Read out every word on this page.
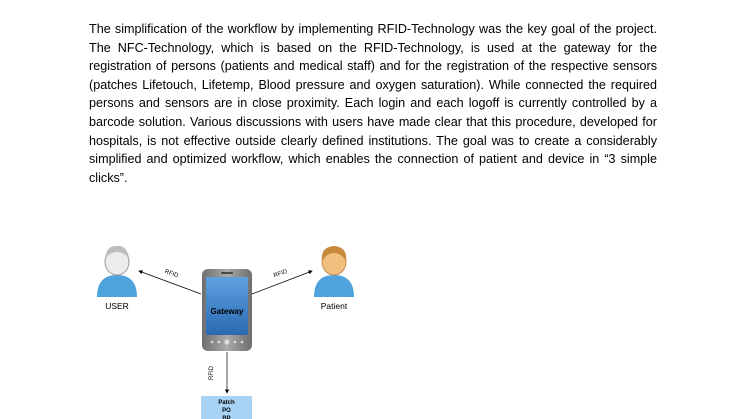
The simplification of the workflow by implementing RFID-Technology was the key goal of the project. The NFC-Technology, which is based on the RFID-Technology, is used at the gateway for the registration of persons (patients and medical staff) and for the registration of the respective sensors (patches Lifetouch, Lifetemp, Blood pressure and oxygen saturation). While connected the required persons and sensors are in close proximity. Each login and each logoff is currently controlled by a barcode solution. Various discussions with users have made clear that this procedure, developed for hospitals, is not effective outside clearly defined institutions. The goal was to create a considerably simplified and optimized workflow, which enables the connection of patient and device in “3 simple clicks”.

USER	Patient
RFID	RFID
RFID
Gateway
Patch
PO
BP
